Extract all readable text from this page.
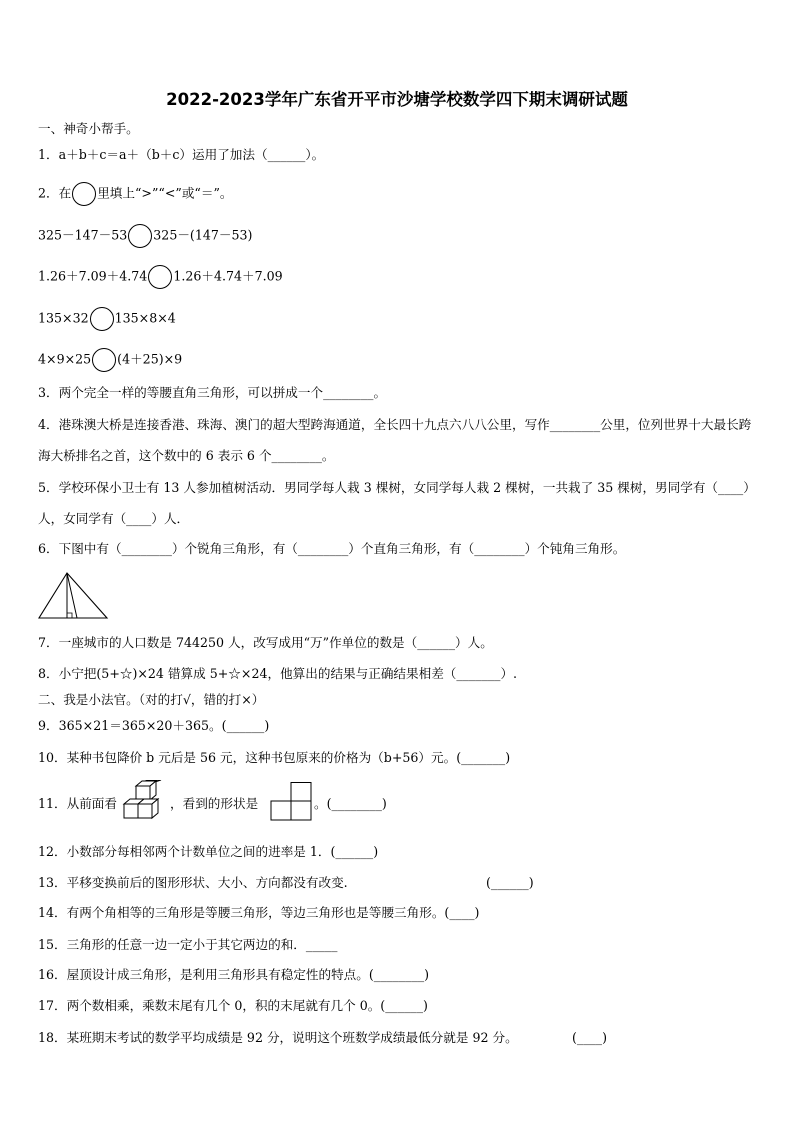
2022-2023学年广东省开平市沙塘学校数学四下期末调研试题
一、神奇小帮手。
1．a＋b＋c＝a＋（b＋c）运用了加法（______）。
2．在 里填上“>”“<”或“＝”。
325－147－53 325－(147－53)
1.26＋7.09＋4.74 1.26＋4.74＋7.09
135×32 135×8×4
4×9×25 (4＋25)×9
3．两个完全一样的等腰直角三角形，可以拼成一个________。
4．港珠澳大桥是连接香港、珠海、澳门的超大型跨海通道，全长四十九点六八八公里，写作________公里，位列世界十大最长跨海大桥排名之首，这个数中的 6 表示 6 个________。
5．学校环保小卫士有 13 人参加植树活动．男同学每人栽 3 棵树，女同学每人栽 2 棵树，一共栽了 35 棵树，男同学有（____）人，女同学有（____）人．
6．下图中有（________）个锐角三角形，有（________）个直角三角形，有（________）个钝角三角形。
7．一座城市的人口数是 744250 人，改写成用“万”作单位的数是（______）人。
8．小宁把(5+☆)×24 错算成 5+☆×24，他算出的结果与正确结果相差（_______）.
二、我是小法官。（对的打√，错的打×）
9．365×21＝365×20＋365。(______)
10．某种书包降价 b 元后是 56 元，这种书包原来的价格为（b+56）元。(_______)
11．从前面看	，看到的形状是	。(________)
12．小数部分每相邻两个计数单位之间的进率是 1．(______)
13．平移变换前后的图形形状、大小、方向都没有改变.	(______)
14．有两个角相等的三角形是等腰三角形，等边三角形也是等腰三角形。(____)
15．三角形的任意一边一定小于其它两边的和．_____
16．屋顶设计成三角形，是利用三角形具有稳定性的特点。(________)
17．两个数相乘，乘数末尾有几个 0，积的末尾就有几个 0。(______)
18．某班期末考试的数学平均成绩是 92 分，说明这个班数学成绩最低分就是 92 分。	(____)
